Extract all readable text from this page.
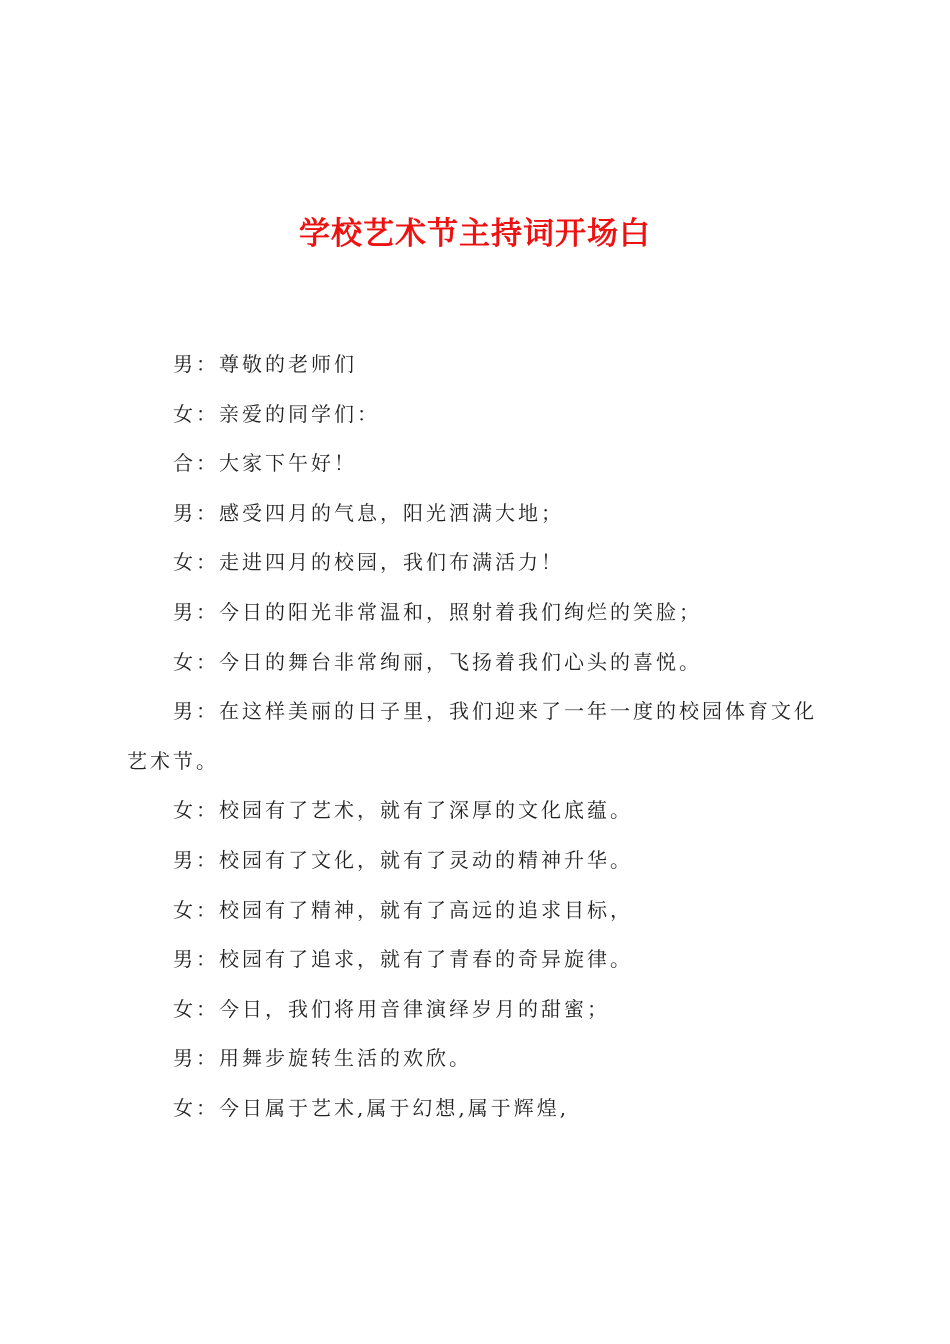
学校艺术节主持词开场白

男：尊敬的老师们

女：亲爱的同学们：

合：大家下午好！

男：感受四月的气息，阳光洒满大地；

女：走进四月的校园，我们布满活力！

男：今日的阳光非常温和，照射着我们绚烂的笑脸；

女：今日的舞台非常绚丽，飞扬着我们心头的喜悦。

男：在这样美丽的日子里，我们迎来了一年一度的校园体育文化艺术节。

女：校园有了艺术，就有了深厚的文化底蕴。

男：校园有了文化，就有了灵动的精神升华。

女：校园有了精神，就有了高远的追求目标，

男：校园有了追求，就有了青春的奇异旋律。

女：今日，我们将用音律演绎岁月的甜蜜；

男：用舞步旋转生活的欢欣。

女：今日属于艺术,属于幻想,属于辉煌,
